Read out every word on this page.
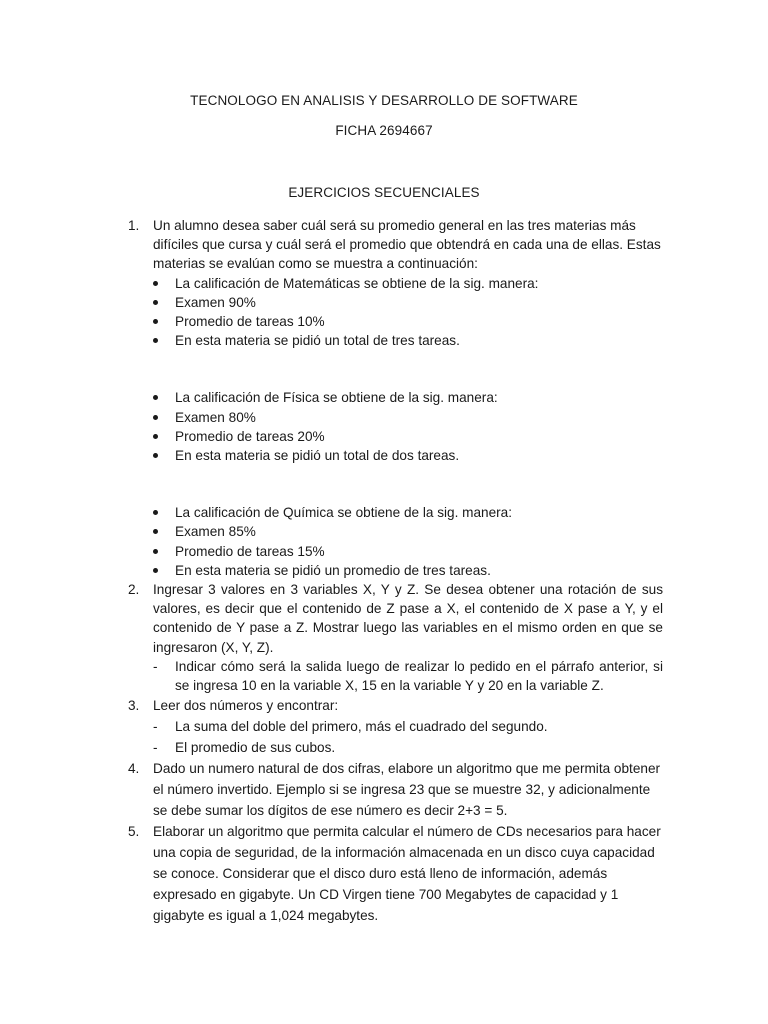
TECNOLOGO EN ANALISIS Y DESARROLLO DE SOFTWARE
FICHA 2694667
EJERCICIOS SECUENCIALES
1. Un alumno desea saber cuál será su promedio general en las tres materias más difíciles que cursa y cuál será el promedio que obtendrá en cada una de ellas. Estas materias se evalúan como se muestra a continuación:
La calificación de Matemáticas se obtiene de la sig. manera:
Examen 90%
Promedio de tareas 10%
En esta materia se pidió un total de tres tareas.
La calificación de Física se obtiene de la sig. manera:
Examen 80%
Promedio de tareas 20%
En esta materia se pidió un total de dos tareas.
La calificación de Química se obtiene de la sig. manera:
Examen 85%
Promedio de tareas 15%
En esta materia se pidió un promedio de tres tareas.
2. Ingresar 3 valores en 3 variables X, Y y Z. Se desea obtener una rotación de sus valores, es decir que el contenido de Z pase a X, el contenido de X pase a Y, y el contenido de Y pase a Z. Mostrar luego las variables en el mismo orden en que se ingresaron (X, Y, Z).
- Indicar cómo será la salida luego de realizar lo pedido en el párrafo anterior, si se ingresa 10 en la variable X, 15 en la variable Y y 20 en la variable Z.
3. Leer dos números y encontrar:
- La suma del doble del primero, más el cuadrado del segundo.
- El promedio de sus cubos.
4. Dado un numero natural de dos cifras, elabore un algoritmo que me permita obtener el número invertido. Ejemplo si se ingresa 23 que se muestre 32, y adicionalmente se debe sumar los dígitos de ese número es decir 2+3 = 5.
5. Elaborar un algoritmo que permita calcular el número de CDs necesarios para hacer una copia de seguridad, de la información almacenada en un disco cuya capacidad se conoce. Considerar que el disco duro está lleno de información, además expresado en gigabyte. Un CD Virgen tiene 700 Megabytes de capacidad y 1 gigabyte es igual a 1,024 megabytes.
